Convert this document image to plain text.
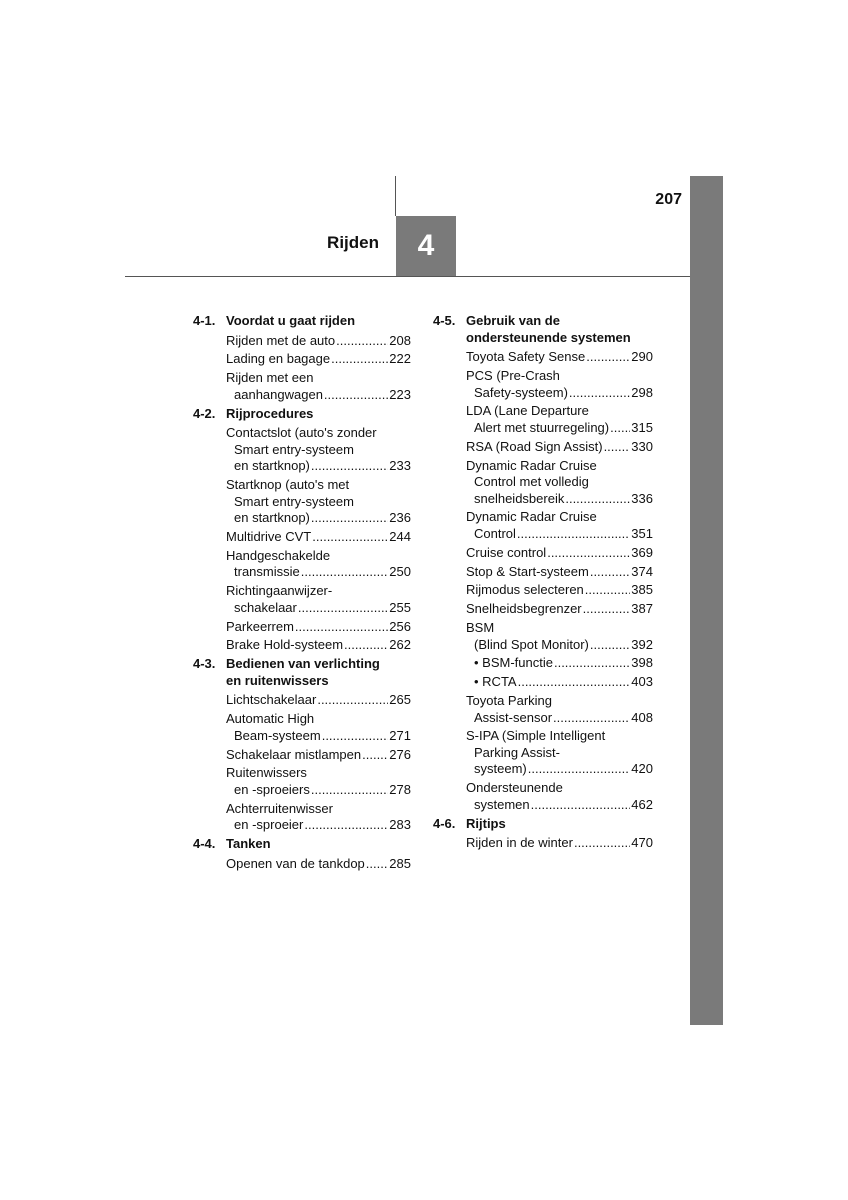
Rijden 4
207
4-1. Voordat u gaat rijden
Rijden met de auto .....	208
Lading en bagage .....	222
Rijden met een
aanhangwagen .....	223
4-2. Rijprocedures
Contactslot (auto's zonder
Smart entry-systeem
en startknop) .....	233
Startknop (auto's met
Smart entry-systeem
en startknop) .....	236
Multidrive CVT .....	244
Handgeschakelde
transmissie .....	250
Richtingaanwijzer-
schakelaar .....	255
Parkeerrem .....	256
Brake Hold-systeem .....	262
4-3. Bedienen van verlichting
en ruitenwissers
Lichtschakelaar .....	265
Automatic High
Beam-systeem .....	271
Schakelaar mistlampen ..... 276
Ruitenwissers
en -sproeiers .....	278
Achterruitenwisser
en -sproeier .....	283
4-4. Tanken
Openen van de tankdop ..... 285
4-5. Gebruik van de
ondersteunende systemen
Toyota Safety Sense .....	290
PCS (Pre-Crash
Safety-systeem) .....	298
LDA (Lane Departure
Alert met stuurregeling) ..... 315
RSA (Road Sign Assist) ..... 330
Dynamic Radar Cruise
Control met volledig
snelheidsbereik .....	336
Dynamic Radar Cruise
Control .....	351
Cruise control .....	369
Stop & Start-systeem .....	374
Rijmodus selecteren .....	385
Snelheidsbegrenzer .....	387
BSM
(Blind Spot Monitor) .....	392
• BSM-functie .....	398
• RCTA .....	403
Toyota Parking
Assist-sensor .....	408
S-IPA (Simple Intelligent
Parking Assist-
systeem) .....	420
Ondersteunende
systemen .....	462
4-6. Rijtips
Rijden in de winter .....	470
